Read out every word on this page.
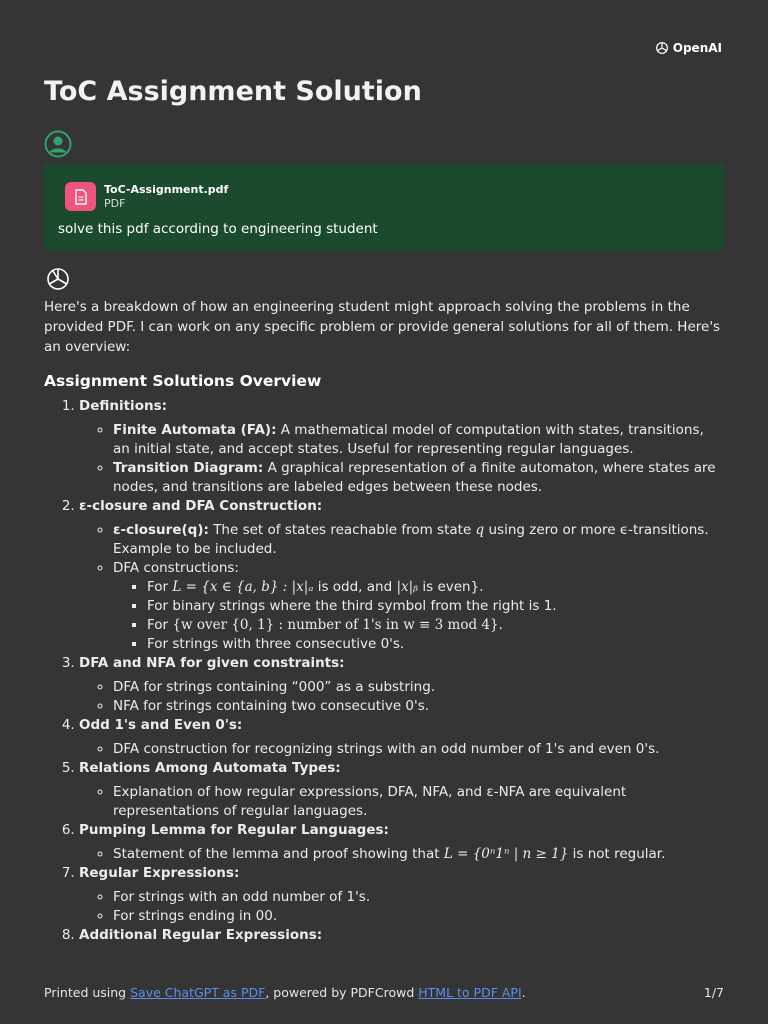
OpenAI
ToC Assignment Solution
ToC-Assignment.pdf
PDF
solve this pdf according to engineering student

Here's a breakdown of how an engineering student might approach solving the problems in the provided PDF. I can work on any specific problem or provide general solutions for all of them. Here's an overview:

Assignment Solutions Overview
1. Definitions:
◦ Finite Automata (FA): A mathematical model of computation with states, transitions, an initial state, and accept states. Useful for representing regular languages.
◦ Transition Diagram: A graphical representation of a finite automaton, where states are nodes, and transitions are labeled edges between these nodes.
2. ε-closure and DFA Construction:
◦ ε-closure(q): The set of states reachable from state q using zero or more ϵ-transitions. Example to be included.
◦ DFA constructions:
▪ For L = {x ∈ {a, b} : |x|ₐ is odd, and |x|ᵦ is even}.
▪ For binary strings where the third symbol from the right is 1.
▪ For {w over {0, 1} : number of 1's in w ≡ 3 mod 4}.
▪ For strings with three consecutive 0's.
3. DFA and NFA for given constraints:
◦ DFA for strings containing “000” as a substring.
◦ NFA for strings containing two consecutive 0's.
4. Odd 1's and Even 0's:
◦ DFA construction for recognizing strings with an odd number of 1's and even 0's.
5. Relations Among Automata Types:
◦ Explanation of how regular expressions, DFA, NFA, and ε-NFA are equivalent representations of regular languages.
6. Pumping Lemma for Regular Languages:
◦ Statement of the lemma and proof showing that L = {0ⁿ1ⁿ | n ≥ 1} is not regular.
7. Regular Expressions:
◦ For strings with an odd number of 1's.
◦ For strings ending in 00.
8. Additional Regular Expressions:
Printed using Save ChatGPT as PDF, powered by PDFCrowd HTML to PDF API.	1/7
